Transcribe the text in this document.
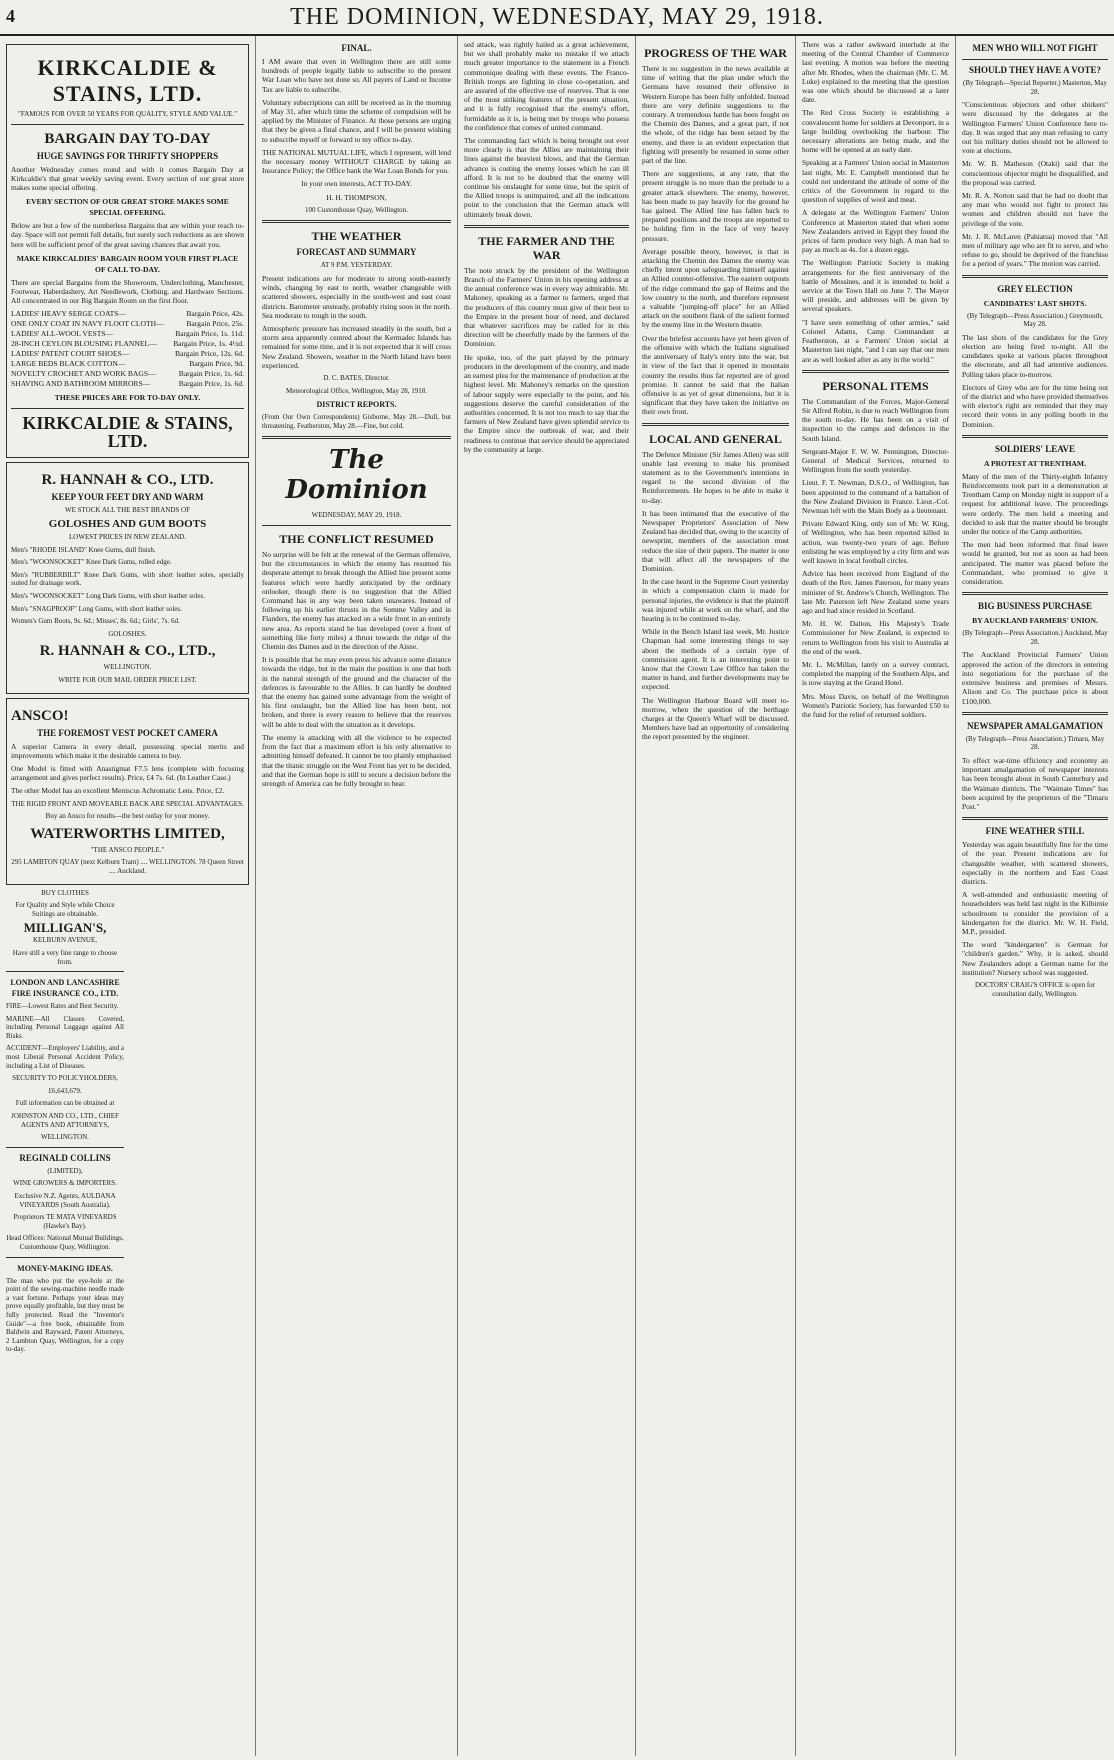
4	THE DOMINION, WEDNESDAY, MAY 29, 1918.
KIRKCALDIE & STAINS, LTD.

"FAMOUS FOR OVER 50 YEARS FOR QUALITY, STYLE AND VALUE."

BARGAIN DAY TO-DAY
HUGE SAVINGS FOR THRIFTY SHOPPERS

Another Wednesday comes round and with it comes Bargain Day at Kirkcaldie's that great weekly saving event. Every section of our great store makes some special offering.

EVERY SECTION OF OUR GREAT STORE MAKES SOME SPECIAL OFFERING.

Below are but a few of the numberless Bargains that are within your reach to-day. Space will not permit full details, but surely such reductions as are shown here will be sufficient proof of the great saving chances that await you.

MAKE KIRKCALDIES' BARGAIN ROOM YOUR FIRST PLACE OF CALL TO-DAY.

There are special Bargains from the Showroom, Underclothing, Manchester, Footwear, Haberdashery, Art Needlework, Clothing, and Hardware Sections. All concentrated in our Big Bargain Room on the first floor.

LADIES' HEAVY SERGE COATS—	Bargain Price, 42s.

ONE ONLY COAT IN NAVY FLOOT CLOTH—	Bargain Price, 25s.

LADIES' ALL-WOOL VESTS—	Bargain Price, 1s. 11d.

28-INCH CEYLON BLOUSING FLANNEL— Bargain Price, 1s. 4½d.

LADIES' PATENT COURT SHOES—	Bargain Price, 12s. 6d.

LARGE BEDS BLACK COTTON—	Bargain Price, 9d.

NOVELTY CROCHET AND WORK BAGS—	Bargain Price, 1s. 6d.

SHAVING AND BATHROOM MIRRORS—	Bargain Price, 1s. 6d.

THESE PRICES ARE FOR TO-DAY ONLY.
KIRKCALDIE & STAINS, LTD.
R. HANNAH & CO., LTD.
KEEP YOUR FEET DRY AND WARM

WE STOCK ALL THE BEST BRANDS OF

GOLOSHES AND GUM BOOTS

LOWEST PRICES IN NEW ZEALAND.

Men's "RHODE ISLAND" Knee Gums, dull finish.

Men's "WOONSOCKET" Knee Dark Gums, rolled edge.

Men's "RUBBERBILT" Knee Dark Gums, with short leather soles, specially suited for drainage work.

Men's "WOONSOCKET" Long Dark Gums, with short leather soles.

Men's "SNAGPROOF" Long Gums, with short leather soles.

Women's Gum Boots, 9s. 6d.; Misses', 8s. 6d.; Girls', 7s. 6d.

GOLOSHES.

R. HANNAH & CO., LTD.,

WELLINGTON.

WRITE FOR OUR MAIL ORDER PRICE LIST.

ANSCO!
THE FOREMOST VEST POCKET CAMERA

A superior Camera in every detail, possessing special merits and improvements which make it the desirable camera to buy.

One Model is fitted with Anastigmat F7.5 lens (complete with focusing arrangement and gives perfect results). Price, £4 7s. 6d. (In Leather Case.)

The other Model has an excellent Meniscus Achromatic Lens. Price, £2.

THE RIGID FRONT AND MOVEABLE BACK ARE SPECIAL ADVANTAGES.

Buy an Ansco for results—the best outlay for your money.

WATERWORTHS LIMITED,

"THE ANSCO PEOPLE."

295 LAMBTON QUAY (next Kelburn Tram) .... WELLINGTON. 78 Queen Street .... Auckland.

BUY CLOTHES

For Quality and Style while Choice Suitings are obtainable.

MILLIGAN'S,

KELBURN AVENUE,

Have still a very fine range to choose from.

LONDON AND LANCASHIRE FIRE INSURANCE CO., LTD.

FIRE—Lowest Rates and Best Security.

MARINE—All Classes Covered, including Personal Luggage against All Risks.

ACCIDENT—Employers' Liability, and a most Liberal Personal Accident Policy, including a List of Diseases.

SECURITY TO POLICYHOLDERS,

£6,643,679.

Full information can be obtained at

JOHNSTON AND CO., LTD., CHIEF AGENTS AND ATTORNEYS,

WELLINGTON.

REGINALD COLLINS

(LIMITED),

WINE GROWERS & IMPORTERS.

Exclusive N.Z. Agents, AULDANA VINEYARDS (South Australia).

Proprietors TE MATA VINEYARDS (Hawke's Bay).

Head Offices: National Mutual Buildings, Customhouse Quay, Wellington.

MONEY-MAKING IDEAS.

The man who put the eye-hole at the point of the sewing-machine needle made a vast fortune. Perhaps your ideas may prove equally profitable, but they must be fully protected. Read the "Inventor's Guide"—a free book, obtainable from Baldwin and Rayward, Patent Attorneys, 2 Lambton Quay, Wellington, for a copy to-day.

FINAL.

I AM aware that even in Wellington there are still some hundreds of people legally liable to subscribe to the present War Loan who have not done so. All payers of Land or Income Tax are liable to subscribe.

Voluntary subscriptions can still be received as in the morning of May 31, after which time the scheme of compulsion will be applied by the Minister of Finance. At those persons are urging that they be given a final chance, and I will be present wishing to subscribe myself or forward to my office to-day.

THE NATIONAL MUTUAL LIFE, which I represent, will lend the necessary money WITHOUT CHARGE by taking an Insurance Policy; the Office bank the War Loan Bonds for you.

In your own interests, ACT TO-DAY.

H. H. THOMPSON,

100 Customhouse Quay, Wellington.

THE WEATHER
FORECAST AND SUMMARY

AT 9 P.M. YESTERDAY.

Present indications are for moderate to strong south-easterly winds, changing by east to north, weather changeable with scattered showers, especially in the south-west and east coast districts. Barometer unsteady, probably rising soon in the north. Sea moderate to rough in the south.

Atmospheric pressure has increased steadily in the south, but a storm area apparently centred about the Kermadec Islands has remained for some time, and it is not expected that it will cross New Zealand. Showers, weather in the North Island have been experienced.

D. C. BATES, Director.

Meteorological Office, Wellington, May 28, 1918.

DISTRICT REPORTS.

(From Our Own Correspondents) Gisborne, May 28.—Dull, but threatening. Featherston, May 28.—Fine, but cold.

The Dominion

WEDNESDAY, MAY 29, 1918.

THE CONFLICT RESUMED

No surprise will be felt at the renewal of the German offensive, but the circumstances in which the enemy has resumed his desperate attempt to break through the Allied line present some features which were hardly anticipated by the ordinary onlooker, though there is no suggestion that the Allied Command has in any way been taken unawares. Instead of following up his earlier thrusts in the Somme Valley and in Flanders, the enemy has attacked on a wide front in an entirely new area. As reports stand he has developed (over a front of something like forty miles) a thrust towards the ridge of the Chemin des Dames and in the direction of the Aisne.

It is possible that he may even press his advance some distance towards the ridge, but in the main the position is one that both in the natural strength of the ground and the character of the defences is favourable to the Allies. It can hardly be doubted that the enemy has gained some advantage from the weight of his first onslaught, but the Allied line has been bent, not broken, and there is every reason to believe that the reserves will be able to deal with the situation as it develops.

The enemy is attacking with all the violence to be expected from the fact that a maximum effort is his only alternative to admitting himself defeated. It cannot be too plainly emphasised that the titanic struggle on the West Front has yet to be decided, and that the German hope is still to secure a decision before the strength of America can be fully brought to bear.

sed attack, was rightly hailed as a great achievement, but we shall probably make no mistake if we attach much greater importance to the statement in a French communique dealing with these events. The Franco-British troops are fighting in close co-operation, and are assured of the effective use of reserves. That is one of the most striking features of the present situation, and it is fully recognised that the enemy's effort, formidable as it is, is being met by troops who possess the confidence that comes of united command.

The commanding fact which is being brought out ever more clearly is that the Allies are maintaining their lines against the heaviest blows, and that the German advance is costing the enemy losses which he can ill afford. It is not to be doubted that the enemy will continue his onslaught for some time, but the spirit of the Allied troops is unimpaired, and all the indications point to the conclusion that the German attack will ultimately break down.

THE FARMER AND THE WAR

The note struck by the president of the Wellington Branch of the Farmers' Union in his opening address at the annual conference was in every way admirable. Mr. Mahoney, speaking as a farmer to farmers, urged that the producers of this country must give of their best to the Empire in the present hour of need, and declared that whatever sacrifices may be called for in this direction will be cheerfully made by the farmers of the Dominion.

He spoke, too, of the part played by the primary producers in the development of the country, and made an earnest plea for the maintenance of production at the highest level. Mr. Mahoney's remarks on the question of labour supply were especially to the point, and his suggestions deserve the careful consideration of the authorities concerned. It is not too much to say that the farmers of New Zealand have given splendid service to the Empire since the outbreak of war, and their readiness to continue that service should be appreciated by the community at large.

PROGRESS OF THE WAR

There is no suggestion in the news available at time of writing that the plan under which the Germans have resumed their offensive in Western Europe has been fully unfolded. Instead there are very definite suggestions to the contrary. A tremendous battle has been fought on the Chemin des Dames, and a great part, if not the whole, of the ridge has been seized by the enemy, and there is an evident expectation that fighting will presently be resumed in some other part of the line.

There are suggestions, at any rate, that the present struggle is no more than the prelude to a greater attack elsewhere. The enemy, however, has been made to pay heavily for the ground he has gained. The Allied line has fallen back to prepared positions and the troops are reported to be holding firm in the face of very heavy pressure.

Average possible theory, however, is that in attacking the Chemin des Dames the enemy was chiefly intent upon safeguarding himself against an Allied counter-offensive. The eastern outposts of the ridge command the gap of Reims and the low country to the north, and therefore represent a valuable "jumping-off place" for an Allied attack on the southern flank of the salient formed by the enemy line in the Western theatre.

Over the briefest accounts have yet been given of the offensive with which the Italians signalised the anniversary of Italy's entry into the war, but in view of the fact that it opened in mountain country the results thus far reported are of good promise. It cannot be said that the Italian offensive is as yet of great dimensions, but it is significant that they have taken the initiative on their own front.

LOCAL AND GENERAL

The Defence Minister (Sir James Allen) was still unable last evening to make his promised statement as to the Government's intentions in regard to the second division of the Reinforcements. He hopes to be able to make it to-day.

It has been intimated that the executive of the Newspaper Proprietors' Association of New Zealand has decided that, owing to the scarcity of newsprint, members of the association must reduce the size of their papers. The matter is one that will affect all the newspapers of the Dominion.

In the case heard in the Supreme Court yesterday in which a compensation claim is made for personal injuries, the evidence is that the plaintiff was injured while at work on the wharf, and the hearing is to be continued to-day.

While in the Bench Island last week, Mr. Justice Chapman had some interesting things to say about the methods of a certain type of commission agent. It is an interesting point to know that the Crown Law Office has taken the matter in hand, and further developments may be expected.

The Wellington Harbour Board will meet to-morrow, when the question of the berthage charges at the Queen's Wharf will be discussed. Members have had an opportunity of considering the report presented by the engineer.

There was a rather awkward interlude at the meeting of the Central Chamber of Commerce last evening. A motion was before the meeting after Mr. Rhodes, when the chairman (Mr. C. M. Luke) explained to the meeting that the question was one which should be discussed at a later date.

The Red Cross Society is establishing a convalescent home for soldiers at Devonport, in a large building overlooking the harbour. The necessary alterations are being made, and the home will be opened at an early date.

Speaking at a Farmers' Union social in Masterton last night, Mr. E. Campbell mentioned that he could not understand the attitude of some of the critics of the Government in regard to the question of supplies of wool and meat.

A delegate at the Wellington Farmers' Union Conference at Masterton stated that when some New Zealanders arrived in Egypt they found the prices of farm produce very high. A man had to pay as much as 4s. for a dozen eggs.

The Wellington Patriotic Society is making arrangements for the first anniversary of the battle of Messines, and it is intended to hold a service at the Town Hall on June 7. The Mayor will preside, and addresses will be given by several speakers.

"I have seen something of other armies," said Colonel Adams, Camp Commandant at Featherston, at a Farmers' Union social at Masterton last night, "and I can say that our men are as well looked after as any in the world."

PERSONAL ITEMS

The Commandant of the Forces, Major-General Sir Alfred Robin, is due to reach Wellington from the south to-day. He has been on a visit of inspection to the camps and defences in the South Island.

Sergeant-Major F. W. W. Pennington, Director-General of Medical Services, returned to Wellington from the south yesterday.

Lieut. F. T. Newman, D.S.O., of Wellington, has been appointed to the command of a battalion of the New Zealand Division in France. Lieut.-Col. Newman left with the Main Body as a lieutenant.

Private Edward King, only son of Mr. W. King, of Wellington, who has been reported killed in action, was twenty-two years of age. Before enlisting he was employed by a city firm and was well known in local football circles.

Advice has been received from England of the death of the Rev. James Paterson, for many years minister of St. Andrew's Church, Wellington. The late Mr. Paterson left New Zealand some years ago and had since resided in Scotland.

Mr. H. W. Dalton, His Majesty's Trade Commissioner for New Zealand, is expected to return to Wellington from his visit to Australia at the end of the week.

Mr. L. McMillan, lately on a survey contract, completed the mapping of the Southern Alps, and is now staying at the Grand Hotel.

Mrs. Moss Davis, on behalf of the Wellington Women's Patriotic Society, has forwarded £50 to the fund for the relief of returned soldiers.

MEN WHO WILL NOT FIGHT
SHOULD THEY HAVE A VOTE?

(By Telegraph—Special Reporter.) Masterton, May 28.

"Conscientious objectors and other shirkers" were discussed by the delegates at the Wellington Farmers' Union Conference here to-day. It was urged that any man refusing to carry out his military duties should not be allowed to vote at elections.

Mr. W. B. Matheson (Otaki) said that the conscientious objector might be disqualified, and the proposal was carried.

Mr. R. A. Norton said that he had no doubt that any man who would not fight to protect his women and children should not have the privilege of the vote.

Mr. J. R. McLaren (Pahiatua) moved that "All men of military age who are fit to serve, and who refuse to go, should be deprived of the franchise for a period of years." The motion was carried.

GREY ELECTION
CANDIDATES' LAST SHOTS.

(By Telegraph—Press Association.) Greymouth, May 28.

The last shots of the candidates for the Grey election are being fired to-night. All the candidates spoke at various places throughout the electorate, and all had attentive audiences. Polling takes place to-morrow.

Electors of Grey who are for the time being out of the district and who have provided themselves with elector's right are reminded that they may record their votes in any polling booth in the Dominion.

SOLDIERS' LEAVE
A PROTEST AT TRENTHAM.

Many of the men of the Thirty-eighth Infantry Reinforcements took part in a demonstration at Trentham Camp on Monday night in support of a request for additional leave. The proceedings were orderly. The men held a meeting and decided to ask that the matter should be brought under the notice of the Camp authorities.

The men had been informed that final leave would be granted, but not as soon as had been anticipated. The matter was placed before the Commandant, who promised to give it consideration.

BIG BUSINESS PURCHASE
BY AUCKLAND FARMERS' UNION.

(By Telegraph—Press Association.) Auckland, May 28.

The Auckland Provincial Farmers' Union approved the action of the directors in entering into negotiations for the purchase of the extensive business and premises of Messrs. Alison and Co. The purchase price is about £100,000.

NEWSPAPER AMALGAMATION

(By Telegraph—Press Association.) Timaru, May 28.

To effect war-time efficiency and economy an important amalgamation of newspaper interests has been brought about in South Canterbury and the Waimate districts. The "Waimate Times" has been acquired by the proprietors of the "Timaru Post."

FINE WEATHER STILL

Yesterday was again beautifully fine for the time of the year. Present indications are for changeable weather, with scattered showers, especially in the northern and East Coast districts.

A well-attended and enthusiastic meeting of householders was held last night in the Kilbirnie schoolroom to consider the provision of a kindergarten for the district. Mr. W. H. Field, M.P., presided.

The word "kindergarten" is German for "children's garden." Why, it is asked, should New Zealanders adopt a German name for the institution? Nursery school was suggested.

DOCTORS' CRAIG'S OFFICE is open for consultation daily, Wellington.
